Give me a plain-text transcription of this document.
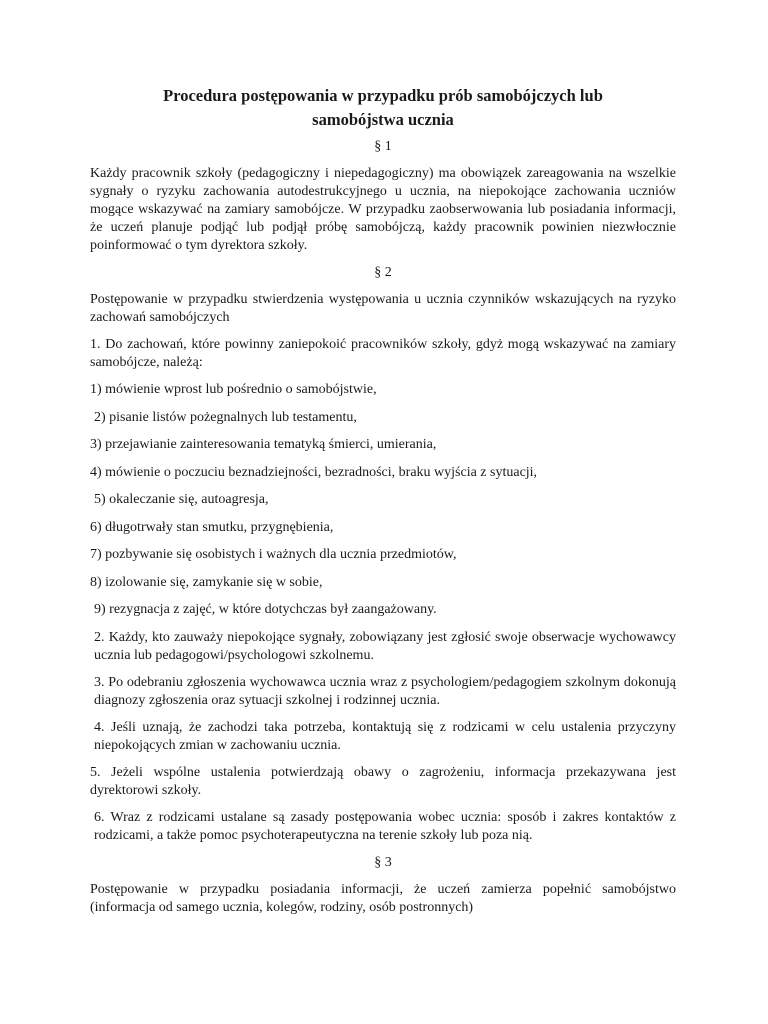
Procedura postępowania w przypadku prób samobójczych lub
samobójstwa ucznia
§ 1

Każdy pracownik szkoły (pedagogiczny i niepedagogiczny) ma obowiązek zareagowania na wszelkie sygnały o ryzyku zachowania autodestrukcyjnego u ucznia, na niepokojące zachowania uczniów mogące wskazywać na zamiary samobójcze. W przypadku zaobserwowania lub posiadania informacji, że uczeń planuje podjąć lub podjął próbę samobójczą, każdy pracownik powinien niezwłocznie poinformować o tym dyrektora szkoły.

§ 2

Postępowanie w przypadku stwierdzenia występowania u ucznia czynników wskazujących na ryzyko zachowań samobójczych

1. Do zachowań, które powinny zaniepokoić pracowników szkoły, gdyż mogą wskazywać na zamiary samobójcze, należą:

1) mówienie wprost lub pośrednio o samobójstwie,

2) pisanie listów pożegnalnych lub testamentu,

3) przejawianie zainteresowania tematyką śmierci, umierania,

4) mówienie o poczuciu beznadziejności, bezradności, braku wyjścia z sytuacji,

5) okaleczanie się, autoagresja,

6) długotrwały stan smutku, przygnębienia,

7) pozbywanie się osobistych i ważnych dla ucznia przedmiotów,

8) izolowanie się, zamykanie się w sobie,

9) rezygnacja z zajęć, w które dotychczas był zaangażowany.

2. Każdy, kto zauważy niepokojące sygnały, zobowiązany jest zgłosić swoje obserwacje wychowawcy ucznia lub pedagogowi/psychologowi szkolnemu.

3. Po odebraniu zgłoszenia wychowawca ucznia wraz z psychologiem/pedagogiem szkolnym dokonują diagnozy zgłoszenia oraz sytuacji szkolnej i rodzinnej ucznia.

4. Jeśli uznają, że zachodzi taka potrzeba, kontaktują się z rodzicami w celu ustalenia przyczyny niepokojących zmian w zachowaniu ucznia.

5. Jeżeli wspólne ustalenia potwierdzają obawy o zagrożeniu, informacja przekazywana jest dyrektorowi szkoły.

6. Wraz z rodzicami ustalane są zasady postępowania wobec ucznia: sposób i zakres kontaktów z rodzicami, a także pomoc psychoterapeutyczna na terenie szkoły lub poza nią.

§ 3

Postępowanie w przypadku posiadania informacji, że uczeń zamierza popełnić samobójstwo (informacja od samego ucznia, kolegów, rodziny, osób postronnych)
